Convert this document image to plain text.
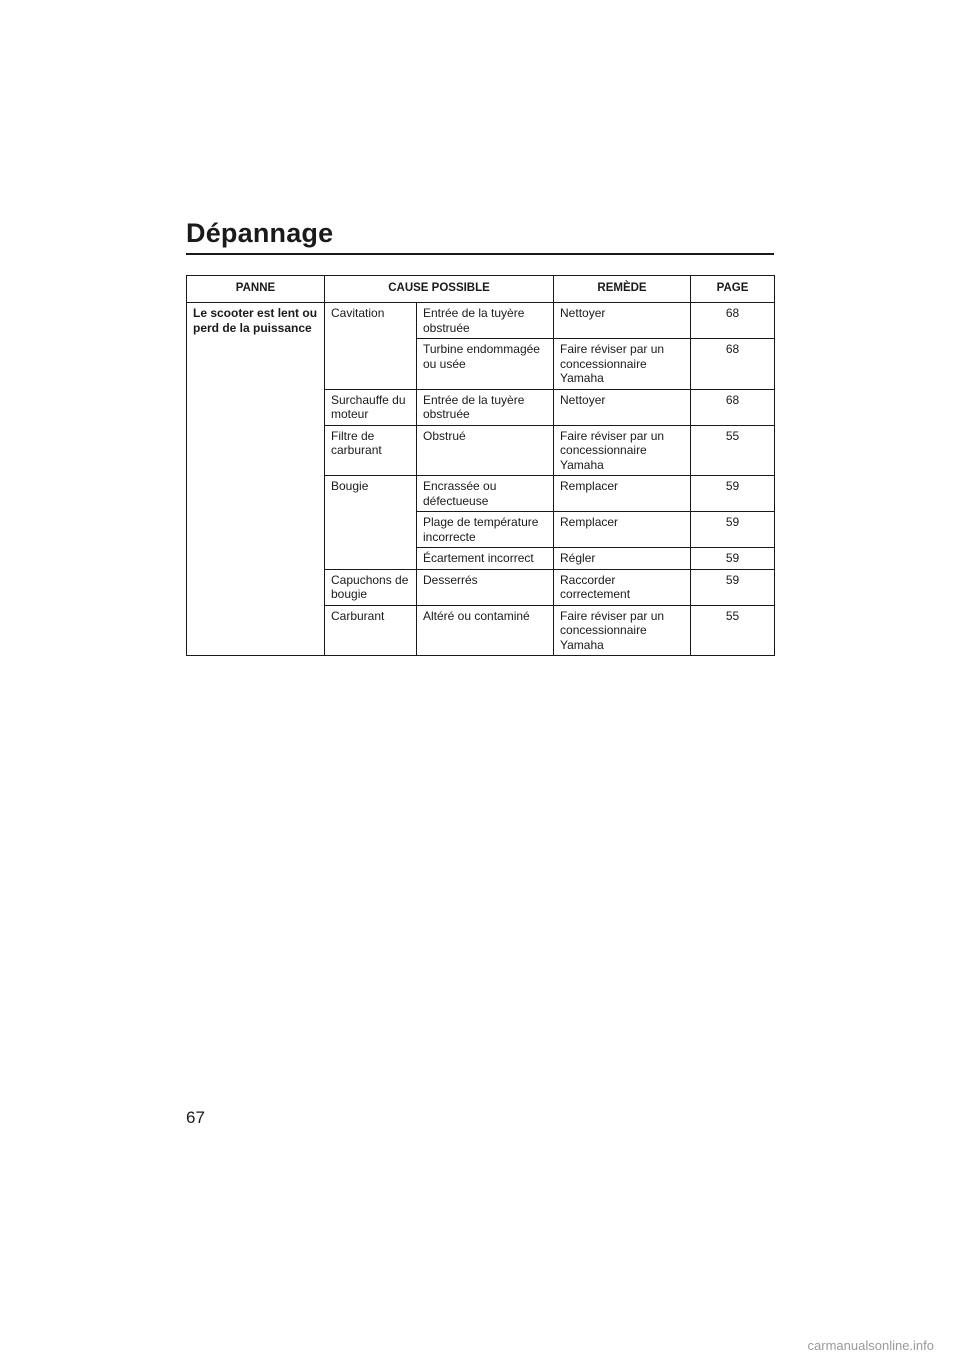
Dépannage
PANNE	CAUSE POSSIBLE		REMÈDE	PAGE
Le scooter est lent ou perd de la puissance	Cavitation	Entrée de la tuyère obstruée	Nettoyer	68
		Turbine endommagée ou usée	Faire réviser par un concessionnaire Yamaha	68
	Surchauffe du moteur	Entrée de la tuyère obstruée	Nettoyer	68
	Filtre de carburant	Obstrué	Faire réviser par un concessionnaire Yamaha	55
	Bougie	Encrassée ou défectueuse	Remplacer	59
		Plage de température incorrecte	Remplacer	59
		Écartement incorrect	Régler	59
	Capuchons de bougie	Desserrés	Raccorder correctement	59
	Carburant	Altéré ou contaminé	Faire réviser par un concessionnaire Yamaha	55
67
carmanualsonline.info
